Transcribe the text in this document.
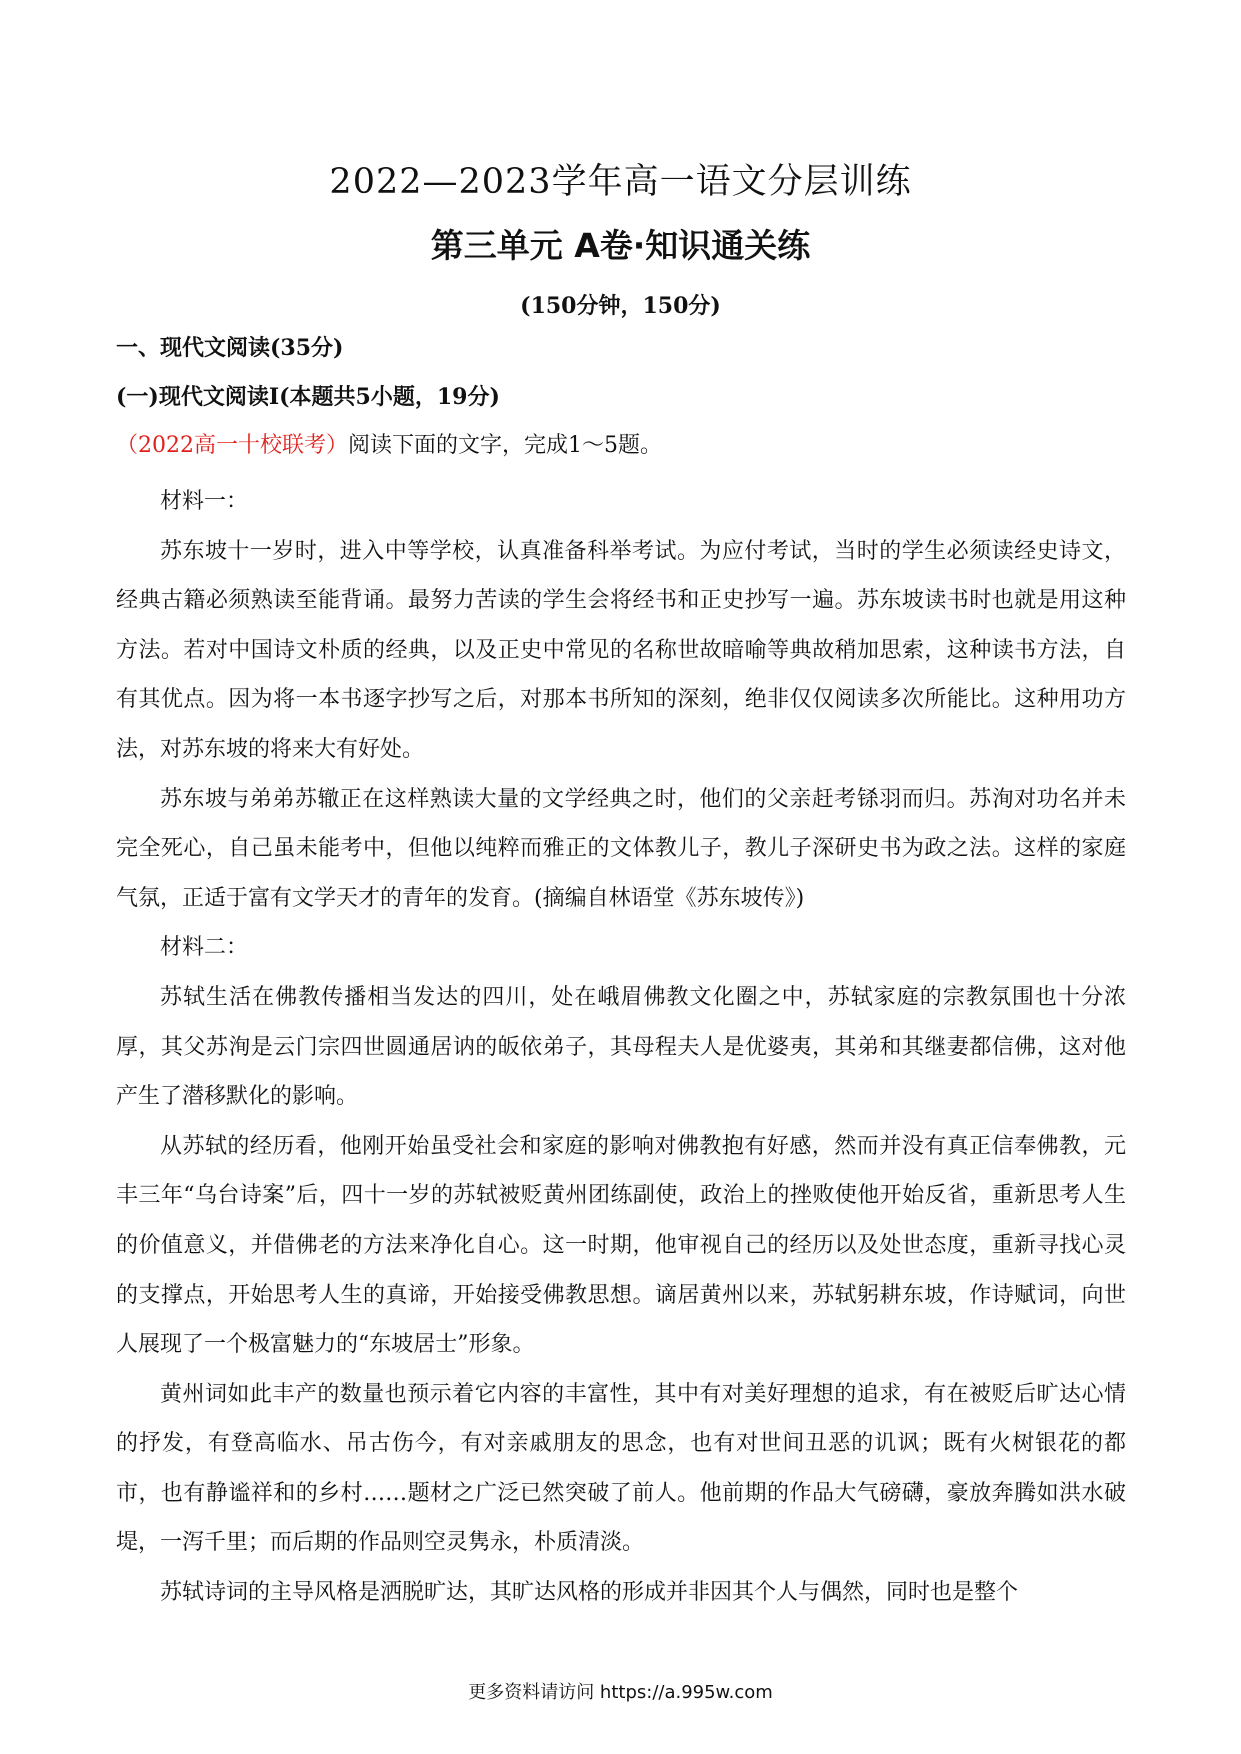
2022—2023学年高一语文分层训练
第三单元 A卷·知识通关练
(150分钟，150分)
一、现代文阅读(35分)
(一)现代文阅读Ⅰ(本题共5小题，19分)
（2022高一十校联考）阅读下面的文字，完成1～5题。

材料一：

苏东坡十一岁时，进入中等学校，认真准备科举考试。为应付考试，当时的学生必须读经史诗文，经典古籍必须熟读至能背诵。最努力苦读的学生会将经书和正史抄写一遍。苏东坡读书时也就是用这种方法。若对中国诗文朴质的经典，以及正史中常见的名称世故暗喻等典故稍加思索，这种读书方法，自有其优点。因为将一本书逐字抄写之后，对那本书所知的深刻，绝非仅仅阅读多次所能比。这种用功方法，对苏东坡的将来大有好处。

苏东坡与弟弟苏辙正在这样熟读大量的文学经典之时，他们的父亲赶考铩羽而归。苏洵对功名并未完全死心，自己虽未能考中，但他以纯粹而雅正的文体教儿子，教儿子深研史书为政之法。这样的家庭气氛，正适于富有文学天才的青年的发育。(摘编自林语堂《苏东坡传》)

材料二：

苏轼生活在佛教传播相当发达的四川，处在峨眉佛教文化圈之中，苏轼家庭的宗教氛围也十分浓厚，其父苏洵是云门宗四世圆通居讷的皈依弟子，其母程夫人是优婆夷，其弟和其继妻都信佛，这对他产生了潜移默化的影响。

从苏轼的经历看，他刚开始虽受社会和家庭的影响对佛教抱有好感，然而并没有真正信奉佛教，元丰三年“乌台诗案”后，四十一岁的苏轼被贬黄州团练副使，政治上的挫败使他开始反省，重新思考人生的价值意义，并借佛老的方法来净化自心。这一时期，他审视自己的经历以及处世态度，重新寻找心灵的支撑点，开始思考人生的真谛，开始接受佛教思想。谪居黄州以来，苏轼躬耕东坡，作诗赋词，向世人展现了一个极富魅力的“东坡居士”形象。

黄州词如此丰产的数量也预示着它内容的丰富性，其中有对美好理想的追求，有在被贬后旷达心情的抒发，有登高临水、吊古伤今，有对亲戚朋友的思念，也有对世间丑恶的讥讽；既有火树银花的都市，也有静谧祥和的乡村……题材之广泛已然突破了前人。他前期的作品大气磅礴，豪放奔腾如洪水破堤，一泻千里；而后期的作品则空灵隽永，朴质清淡。

苏轼诗词的主导风格是洒脱旷达，其旷达风格的形成并非因其个人与偶然，同时也是整个

更多资料请访问 https://a.995w.com
